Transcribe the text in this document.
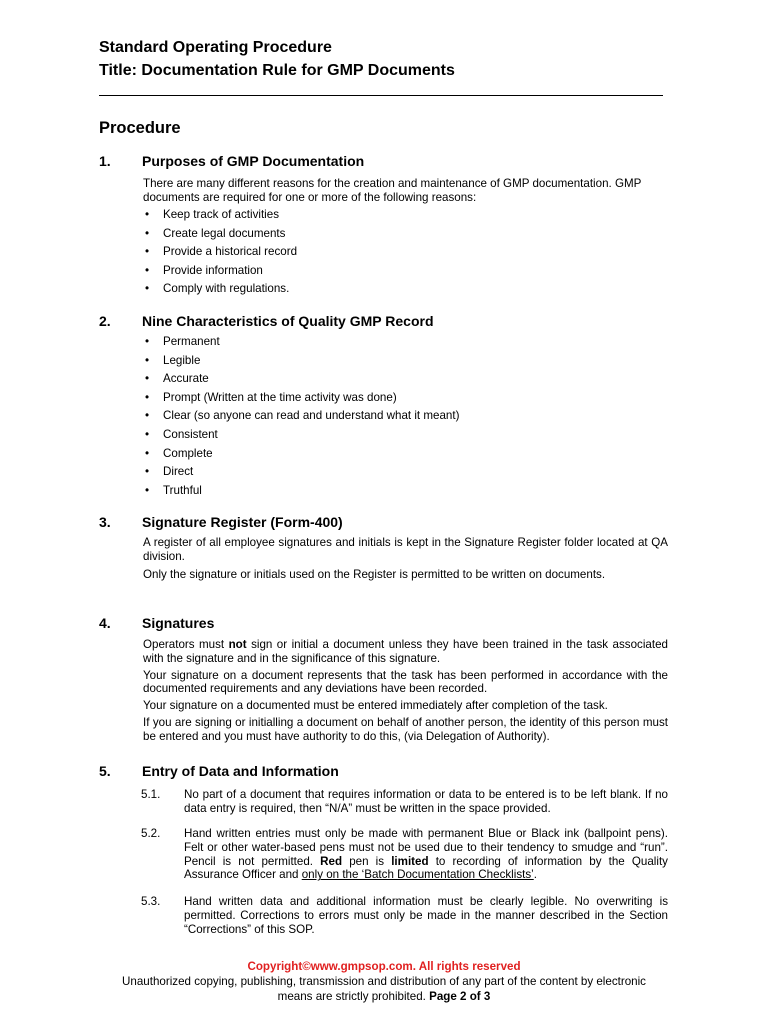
Standard Operating Procedure
Title: Documentation Rule for GMP Documents
Procedure
1. Purposes of GMP Documentation

There are many different reasons for the creation and maintenance of GMP documentation. GMP documents are required for one or more of the following reasons:

• Keep track of activities
• Create legal documents
• Provide a historical record
• Provide information
• Comply with regulations.
2. Nine Characteristics of Quality GMP Record
• Permanent
• Legible
• Accurate
• Prompt (Written at the time activity was done)
• Clear (so anyone can read and understand what it meant)
• Consistent
• Complete
• Direct
• Truthful
3. Signature Register (Form-400)

A register of all employee signatures and initials is kept in the Signature Register folder located at QA division.

Only the signature or initials used on the Register is permitted to be written on documents.

4. Signatures

Operators must not sign or initial a document unless they have been trained in the task associated with the signature and in the significance of this signature.

Your signature on a document represents that the task has been performed in accordance with the documented requirements and any deviations have been recorded.

Your signature on a documented must be entered immediately after completion of the task.

If you are signing or initialling a document on behalf of another person, the identity of this person must be entered and you must have authority to do this, (via Delegation of Authority).

5. Entry of Data and Information
5.1. No part of a document that requires information or data to be entered is to be left blank. If no data entry is required, then “N/A” must be written in the space provided.
5.2. Hand written entries must only be made with permanent Blue or Black ink (ballpoint pens). Felt or other water-based pens must not be used due to their tendency to smudge and “run”. Pencil is not permitted. Red pen is limited to recording of information by the Quality Assurance Officer and only on the ‘Batch Documentation Checklists’.
5.3. Hand written data and additional information must be clearly legible. No overwriting is permitted. Corrections to errors must only be made in the manner described in the Section “Corrections” of this SOP.
Copyright©www.gmpsop.com. All rights reserved
Unauthorized copying, publishing, transmission and distribution of any part of the content by electronic
means are strictly prohibited. Page 2 of 3
